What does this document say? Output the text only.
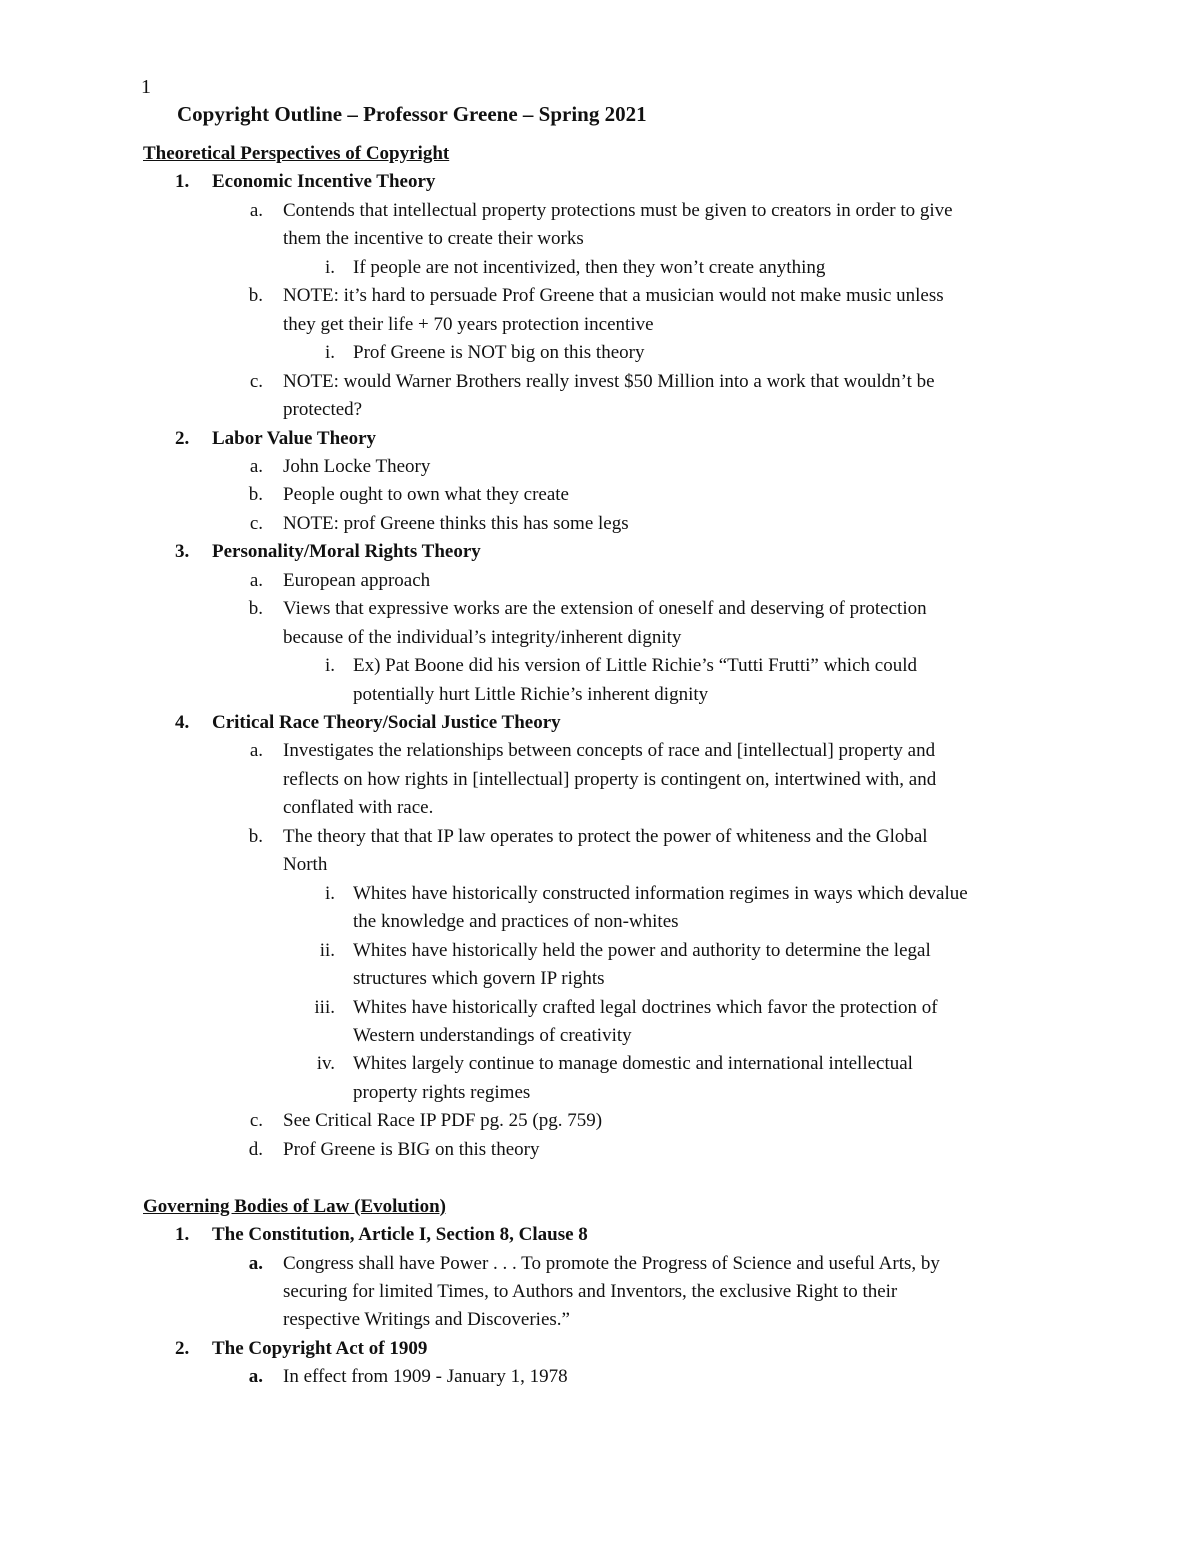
1
Copyright Outline – Professor Greene – Spring 2021
Theoretical Perspectives of Copyright
1. Economic Incentive Theory
a. Contends that intellectual property protections must be given to creators in order to give
them the incentive to create their works
i. If people are not incentivized, then they won’t create anything
b. NOTE: it’s hard to persuade Prof Greene that a musician would not make music unless
they get their life + 70 years protection incentive
i. Prof Greene is NOT big on this theory
c. NOTE: would Warner Brothers really invest $50 Million into a work that wouldn’t be
protected?
2. Labor Value Theory
a. John Locke Theory
b. People ought to own what they create
c. NOTE: prof Greene thinks this has some legs
3. Personality/Moral Rights Theory
a. European approach
b. Views that expressive works are the extension of oneself and deserving of protection
because of the individual’s integrity/inherent dignity
i. Ex) Pat Boone did his version of Little Richie’s “Tutti Frutti” which could
potentially hurt Little Richie’s inherent dignity
4. Critical Race Theory/Social Justice Theory
a. Investigates the relationships between concepts of race and [intellectual] property and
reflects on how rights in [intellectual] property is contingent on, intertwined with, and
conflated with race.
b. The theory that that IP law operates to protect the power of whiteness and the Global
North
i. Whites have historically constructed information regimes in ways which devalue
the knowledge and practices of non-whites
ii. Whites have historically held the power and authority to determine the legal
structures which govern IP rights
iii. Whites have historically crafted legal doctrines which favor the protection of
Western understandings of creativity
iv. Whites largely continue to manage domestic and international intellectual
property rights regimes
c. See Critical Race IP PDF pg. 25 (pg. 759)
d. Prof Greene is BIG on this theory
Governing Bodies of Law (Evolution)
1. The Constitution, Article I, Section 8, Clause 8
a. Congress shall have Power . . . To promote the Progress of Science and useful Arts, by
securing for limited Times, to Authors and Inventors, the exclusive Right to their
respective Writings and Discoveries.”
2. The Copyright Act of 1909
a. In effect from 1909 - January 1, 1978
